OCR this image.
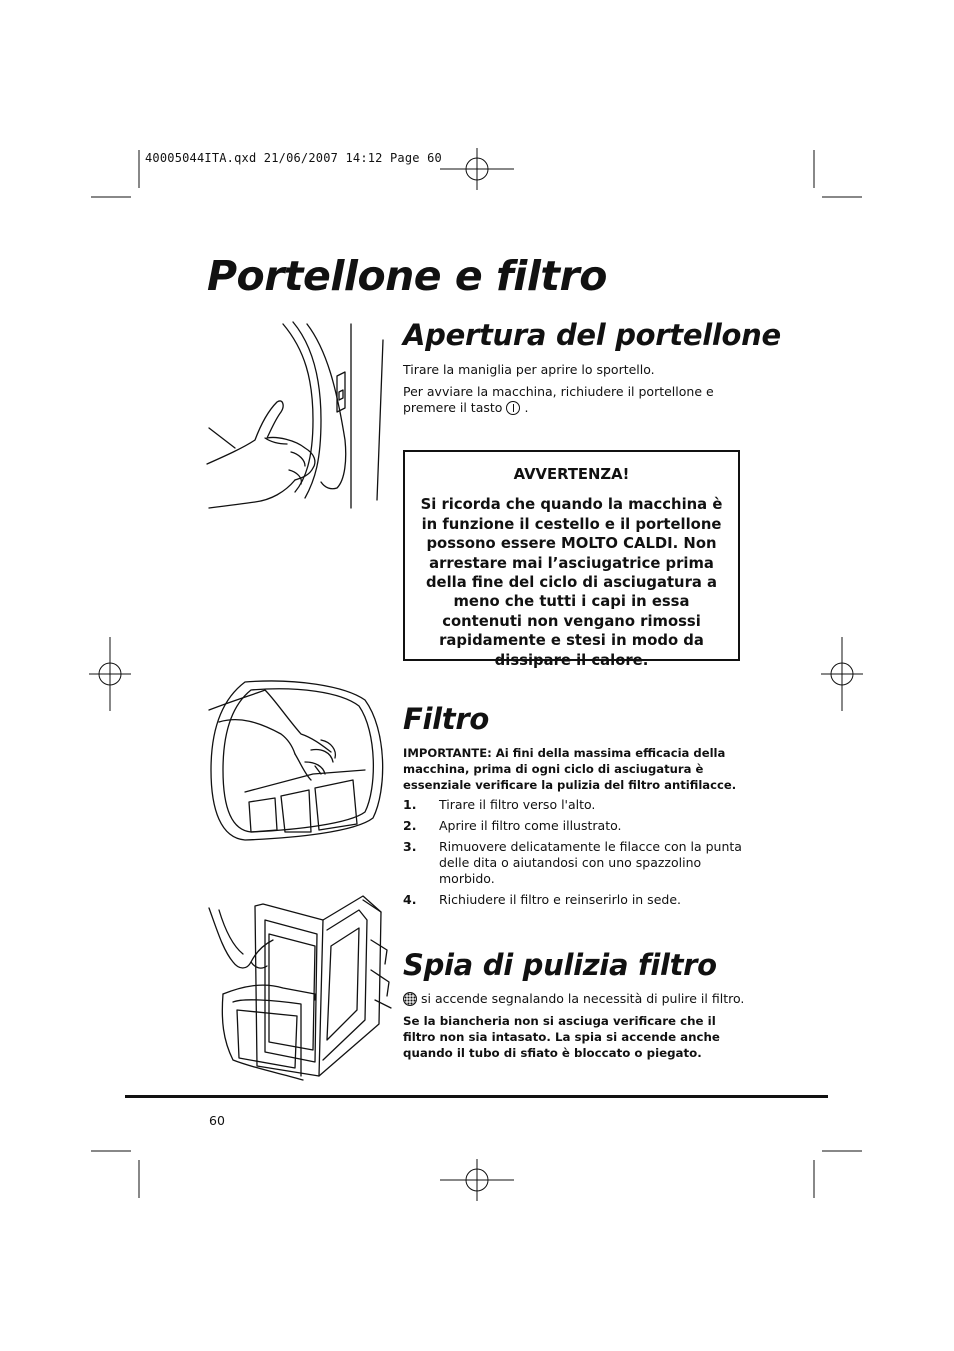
40005044ITA.qxd 21/06/2007 14:12 Page 60
Portellone e filtro
Apertura del portellone
Tirare la maniglia per aprire lo sportello.
Per avviare la macchina, richiudere il portellone e premere il tasto .
AVVERTENZA!
Si ricorda che quando la macchina è in funzione il cestello e il portellone possono essere MOLTO CALDI. Non arrestare mai l’asciugatrice prima della fine del ciclo di asciugatura a meno che tutti i capi in essa contenuti non vengano rimossi rapidamente e stesi in modo da dissipare il calore.
Filtro
IMPORTANTE: Ai fini della massima efficacia della macchina, prima di ogni ciclo di asciugatura è essenziale verificare la pulizia del filtro antifilacce.
1. Tirare il filtro verso l'alto.
2. Aprire il filtro come illustrato.
3. Rimuovere delicatamente le filacce con la punta delle dita o aiutandosi con uno spazzolino morbido.
4. Richiudere il filtro e reinserirlo in sede.
Spia di pulizia filtro
si accende segnalando la necessità di pulire il filtro.
Se la biancheria non si asciuga verificare che il filtro non sia intasato. La spia si accende anche quando il tubo di sfiato è bloccato o piegato.
60
